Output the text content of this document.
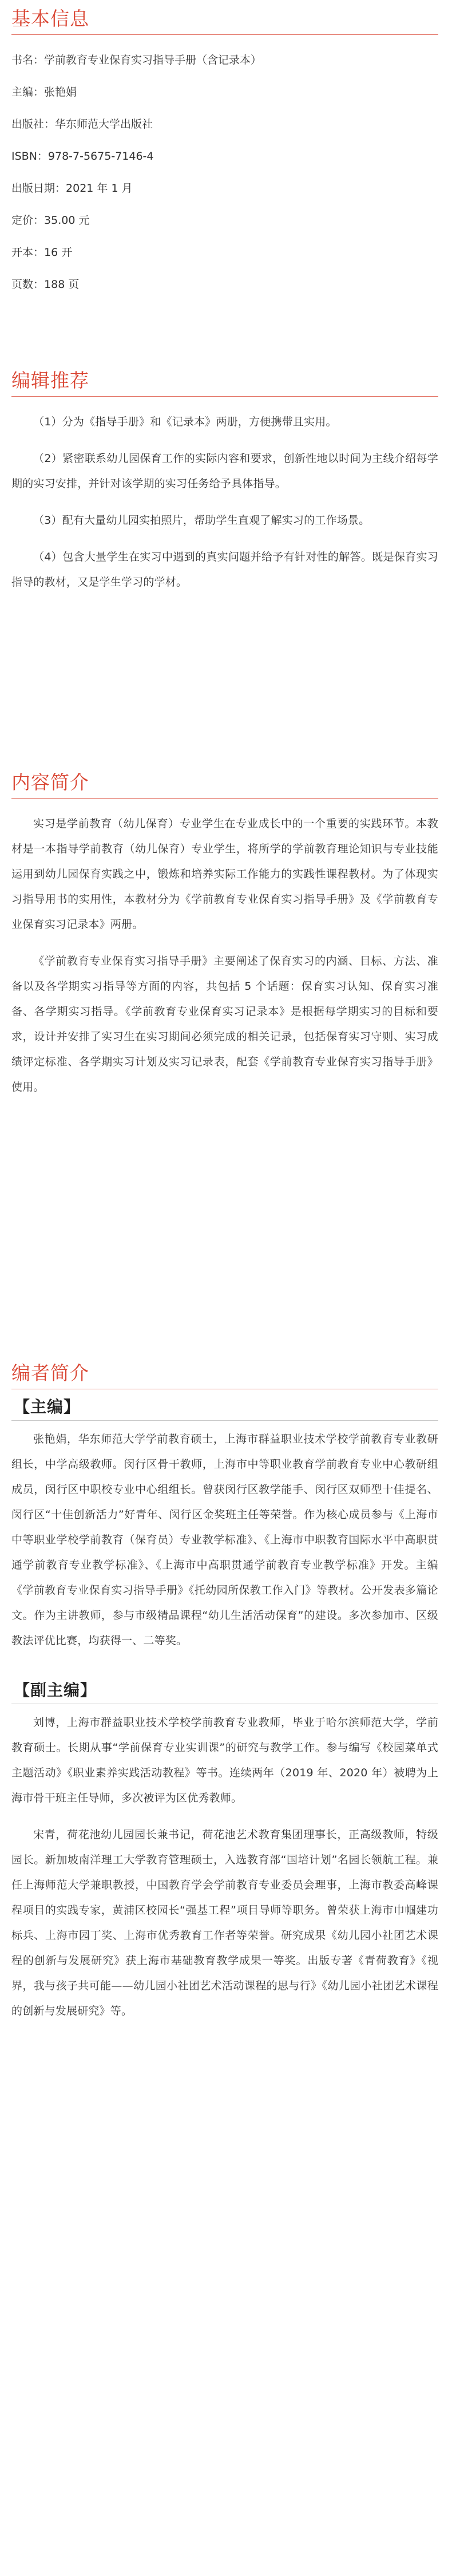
基本信息
书名： 学前教育专业保育实习指导手册（含记录本）
主编： 张艳娟
出版社： 华东师范大学出版社
ISBN： 978-7-5675-7146-4
出版日期： 2021 年 1 月
定价： 35.00 元
开本： 16 开
页数： 188 页
编辑推荐

（1）分为《指导手册》和《记录本》两册，方便携带且实用。

（2）紧密联系幼儿园保育工作的实际内容和要求，创新性地以时间为主线介绍每学期的实习安排，并针对该学期的实习任务给予具体指导。

（3）配有大量幼儿园实拍照片，帮助学生直观了解实习的工作场景。

（4）包含大量学生在实习中遇到的真实问题并给予有针对性的解答。既是保育实习指导的教材，又是学生学习的学材。

内容简介

实习是学前教育（幼儿保育）专业学生在专业成长中的一个重要的实践环节。本教材是一本指导学前教育（幼儿保育）专业学生，将所学的学前教育理论知识与专业技能运用到幼儿园保育实践之中，锻炼和培养实际工作能力的实践性课程教材。为了体现实习指导用书的实用性，本教材分为《学前教育专业保育实习指导手册》及《学前教育专业保育实习记录本》两册。

《学前教育专业保育实习指导手册》主要阐述了保育实习的内涵、目标、方法、准备以及各学期实习指导等方面的内容，共包括 5 个话题：保育实习认知、保育实习准备、各学期实习指导。《学前教育专业保育实习记录本》是根据每学期实习的目标和要求，设计并安排了实习生在实习期间必须完成的相关记录，包括保育实习守则、实习成绩评定标准、各学期实习计划及实习记录表，配套《学前教育专业保育实习指导手册》使用。

编者简介
【主编】

张艳娟，华东师范大学学前教育硕士，上海市群益职业技术学校学前教育专业教研组长，中学高级教师。闵行区骨干教师，上海市中等职业教育学前教育专业中心教研组成员，闵行区中职校专业中心组组长。曾获闵行区教学能手、闵行区双师型十佳提名、闵行区“十佳创新活力”好青年、闵行区金奖班主任等荣誉。作为核心成员参与《上海市中等职业学校学前教育（保育员）专业教学标准》、《上海市中职教育国际水平中高职贯通学前教育专业教学标准》、《上海市中高职贯通学前教育专业教学标准》开发。主编《学前教育专业保育实习指导手册》《托幼园所保教工作入门》等教材。公开发表多篇论文。作为主讲教师，参与市级精品课程“幼儿生活活动保育”的建设。多次参加市、区级教法评优比赛，均获得一、二等奖。

【副主编】

刘博，上海市群益职业技术学校学前教育专业教师，毕业于哈尔滨师范大学，学前教育硕士。长期从事“学前保育专业实训课”的研究与教学工作。参与编写《校园菜单式主题活动》《职业素养实践活动教程》等书。连续两年（2019 年、2020 年）被聘为上海市骨干班主任导师，多次被评为区优秀教师。

宋青，荷花池幼儿园园长兼书记，荷花池艺术教育集团理事长，正高级教师，特级园长。新加坡南洋理工大学教育管理硕士，入选教育部“国培计划”名园长领航工程。兼任上海师范大学兼职教授，中国教育学会学前教育专业委员会理事，上海市教委高峰课程项目的实践专家，黄浦区校园长“强基工程”项目导师等职务。曾荣获上海市巾帼建功标兵、上海市园丁奖、上海市优秀教育工作者等荣誉。研究成果《幼儿园小社团艺术课程的创新与发展研究》获上海市基础教育教学成果一等奖。出版专著《青荷教育》《视界，我与孩子共可能——幼儿园小社团艺术活动课程的思与行》《幼儿园小社团艺术课程的创新与发展研究》等。
